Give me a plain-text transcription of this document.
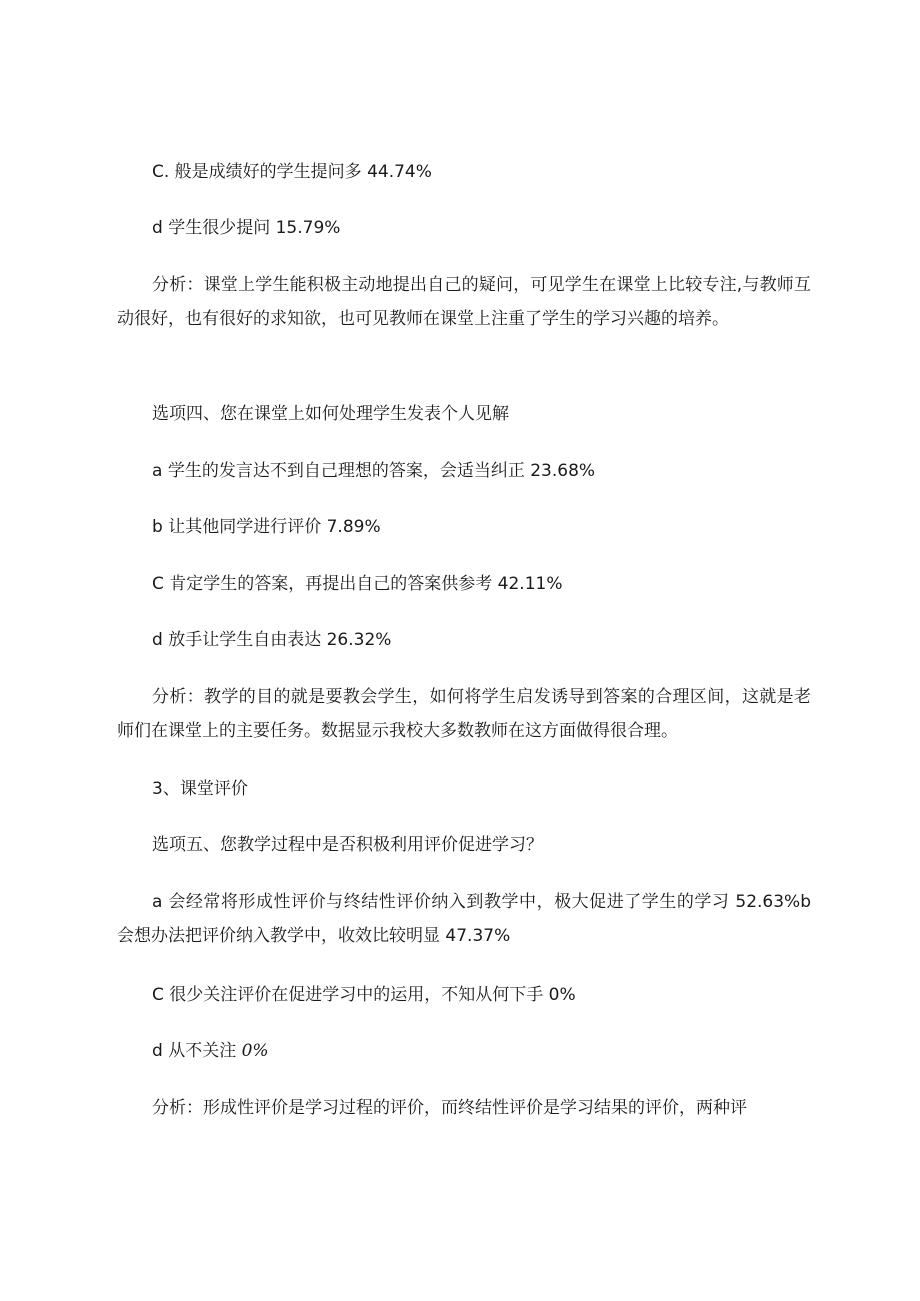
C. 般是成绩好的学生提问多 44.74%
d 学生很少提问 15.79%
分析：课堂上学生能积极主动地提出自己的疑问，可见学生在课堂上比较专注,与教师互动很好，也有很好的求知欲，也可见教师在课堂上注重了学生的学习兴趣的培养。
选项四、您在课堂上如何处理学生发表个人见解
a 学生的发言达不到自己理想的答案，会适当纠正 23.68%
b 让其他同学进行评价 7.89%
C 肯定学生的答案，再提出自己的答案供参考 42.11%
d 放手让学生自由表达 26.32%
分析：教学的目的就是要教会学生，如何将学生启发诱导到答案的合理区间，这就是老师们在课堂上的主要任务。数据显示我校大多数教师在这方面做得很合理。
3、课堂评价
选项五、您教学过程中是否积极利用评价促进学习？
a 会经常将形成性评价与终结性评价纳入到教学中，极大促进了学生的学习 52.63%b 会想办法把评价纳入教学中，收效比较明显 47.37%
C 很少关注评价在促进学习中的运用，不知从何下手 0%
d 从不关注 0%
分析：形成性评价是学习过程的评价，而终结性评价是学习结果的评价，两种评
